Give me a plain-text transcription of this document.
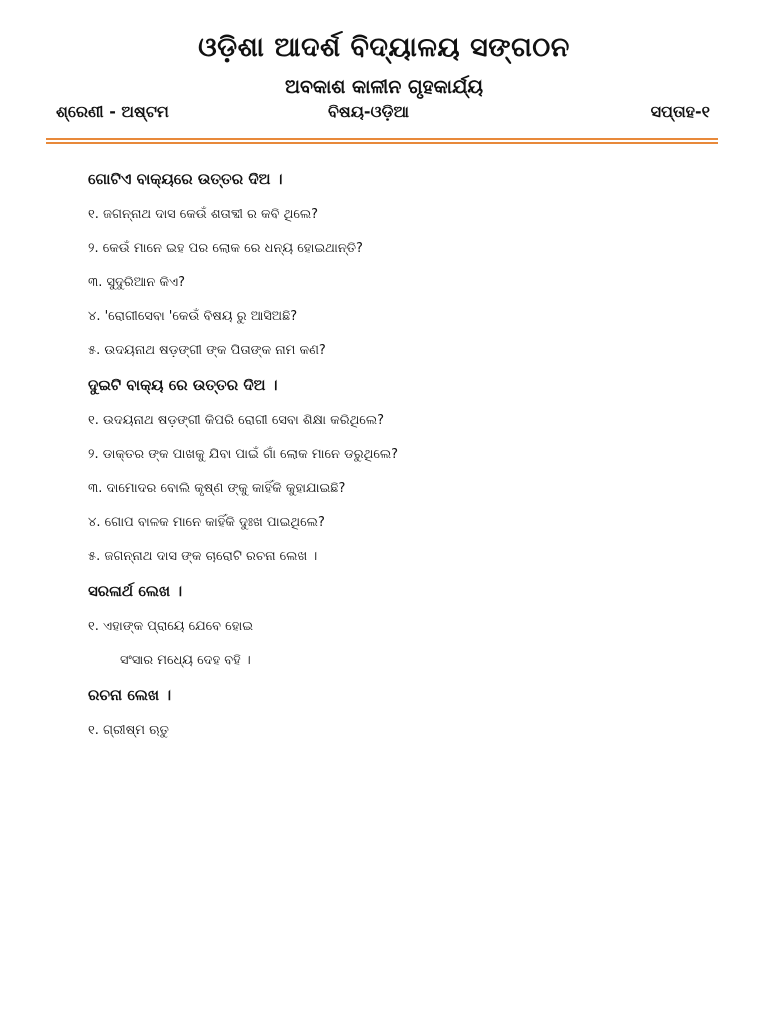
ଓଡ଼ିଶା ଆଦର୍ଶ ବିଦ୍ୟାଳୟ ସଙ୍ଗଠନ
ଅବକାଶ କାଳୀନ ଗୃହକାର୍ଯ୍ୟ
ଶ୍ରେଣୀ - ଅଷ୍ଟମ	ବିଷୟ-ଓଡ଼ିଆ	ସପ୍ତାହ-୧
ଗୋଟିଏ ବାକ୍ୟରେ ଉତ୍ତର ଦିଅ ।
୧. ଜଗନ୍ନାଥ ଦାସ କେଉଁ ଶତାବ୍ଦୀ ର କବି ଥିଲେ?
୨. କେଉଁ ମାନେ ଇହ ପର ଲୋକ ରେ ଧନ୍ୟ ହୋଇଥାନ୍ତି?
୩. ସୁଦୁରିଆନ କିଏ?
୪. 'ରୋଗୀସେବା 'କେଉଁ ବିଷୟ ରୁ ଆସିଅଛି?
୫. ଉଦୟନାଥ ଷଡ଼ଙ୍ଗୀ ଙ୍କ ପିତାଙ୍କ ନାମ କଣ?
ଦୁଇଟି ବାକ୍ୟ ରେ ଉତ୍ତର ଦିଅ ।
୧. ଉଦୟନାଥ ଷଡ଼ଙ୍ଗୀ କିପରି ରୋଗୀ ସେବା ଶିକ୍ଷା କରିଥିଲେ?
୨. ଡାକ୍ତର ଙ୍କ ପାଖକୁ ଯିବା ପାଇଁ ଗାଁ ଲୋକ ମାନେ ଡରୁଥିଲେ?
୩. ଦାମୋଦର ବୋଲି କୃଷ୍ଣ ଙ୍କୁ କାହିଁକି କୁହାଯାଇଛି?
୪. ଗୋପ ବାଳକ ମାନେ କାହିଁକି ଦୁଃଖ ପାଇଥିଲେ?
୫. ଜଗନ୍ନାଥ ଦାସ ଙ୍କ ଚାରୋଟି ରଚନା ଲେଖ ।
ସରଳାର୍ଥ ଲେଖ ।
୧. ଏହାଙ୍କ ପ୍ରାୟେ ଯେବେ ହୋଇ
ସଂସାର ମଧ୍ୟେ ଦେହ ବହି ।
ରଚନା ଲେଖ ।
୧. ଗ୍ରୀଷ୍ମ ଋତୁ
